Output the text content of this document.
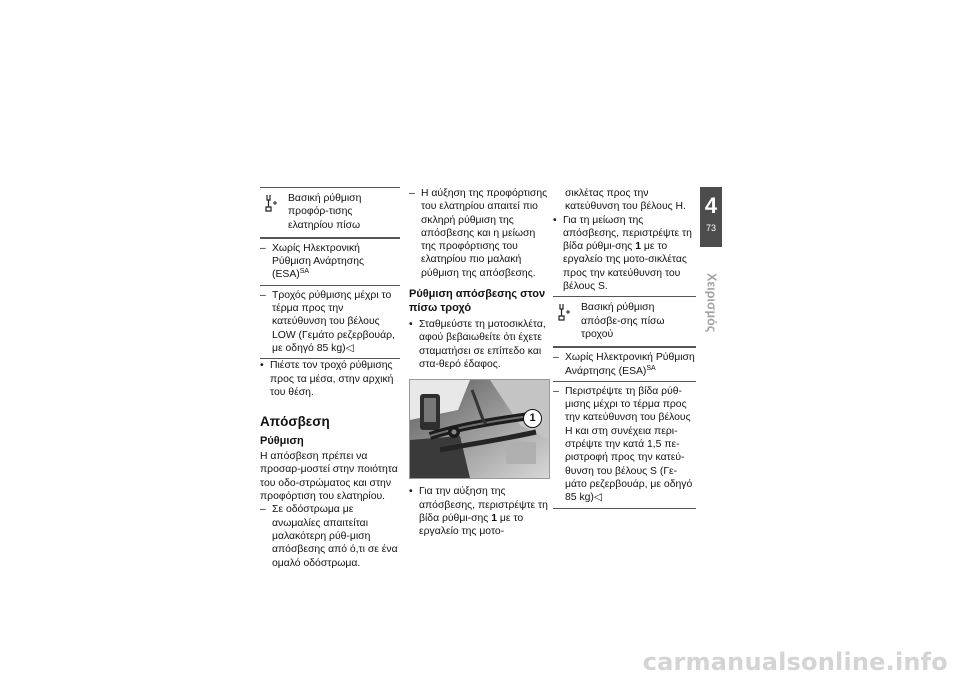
Βασική ρύθμιση προφόρ-τισης ελατηρίου πίσω
– Χωρίς Ηλεκτρονική Ρύθμιση Ανάρτησης (ESA)$^{SA}$
– Τροχός ρύθμισης μέχρι το τέρμα προς την κατεύθυνση του βέλους LOW (Γεμάτο ρεζερβουάρ, με οδηγό 85 kg)◁
• Πιέστε τον τροχό ρύθμισης προς τα μέσα, στην αρχική του θέση.
Απόσβεση
Ρύθμιση

Η απόσβεση πρέπει να προσαρ-μοστεί στην ποιότητα του οδο-στρώματος και στην προφόρτιση του ελατηρίου.

– Σε οδόστρωμα με ανωμαλίες απαιτείται μαλακότερη ρύθ-μιση απόσβεσης από ό,τι σε ένα ομαλό οδόστρωμα.
– Η αύξηση της προφόρτισης του ελατηρίου απαιτεί πιο σκληρή ρύθμιση της απόσβεσης και η μείωση της προφόρτισης του ελατηρίου πιο μαλακή ρύθμιση της απόσβεσης.
Ρύθμιση απόσβεσης στον πίσω τροχό
• Σταθμεύστε τη μοτοσικλέτα, αφού βεβαιωθείτε ότι έχετε σταματήσει σε επίπεδο και στα-θερό έδαφος.
1
• Για την αύξηση της απόσβεσης, περιστρέψτε τη βίδα ρύθμι-σης 1 με το εργαλείο της μοτο-

σικλέτας προς την κατεύθυνση του βέλους H.

• Για τη μείωση της απόσβεσης, περιστρέψτε τη βίδα ρύθμι-σης 1 με το εργαλείο της μοτο-σικλέτας προς την κατεύθυνση του βέλους S.
Βασική ρύθμιση απόσβε-σης πίσω τροχού
– Χωρίς Ηλεκτρονική Ρύθμιση Ανάρτησης (ESA)$^{SA}$
– Περιστρέψτε τη βίδα ρύθ-μισης μέχρι το τέρμα προς την κατεύθυνση του βέλους H και στη συνέχεια περι-στρέψτε την κατά 1,5 πε-ριστροφή προς την κατεύ-θυνση του βέλους S (Γε-μάτο ρεζερβουάρ, με οδηγό 85 kg)◁
4
73
Χειρισμός
carmanualsonline.info
